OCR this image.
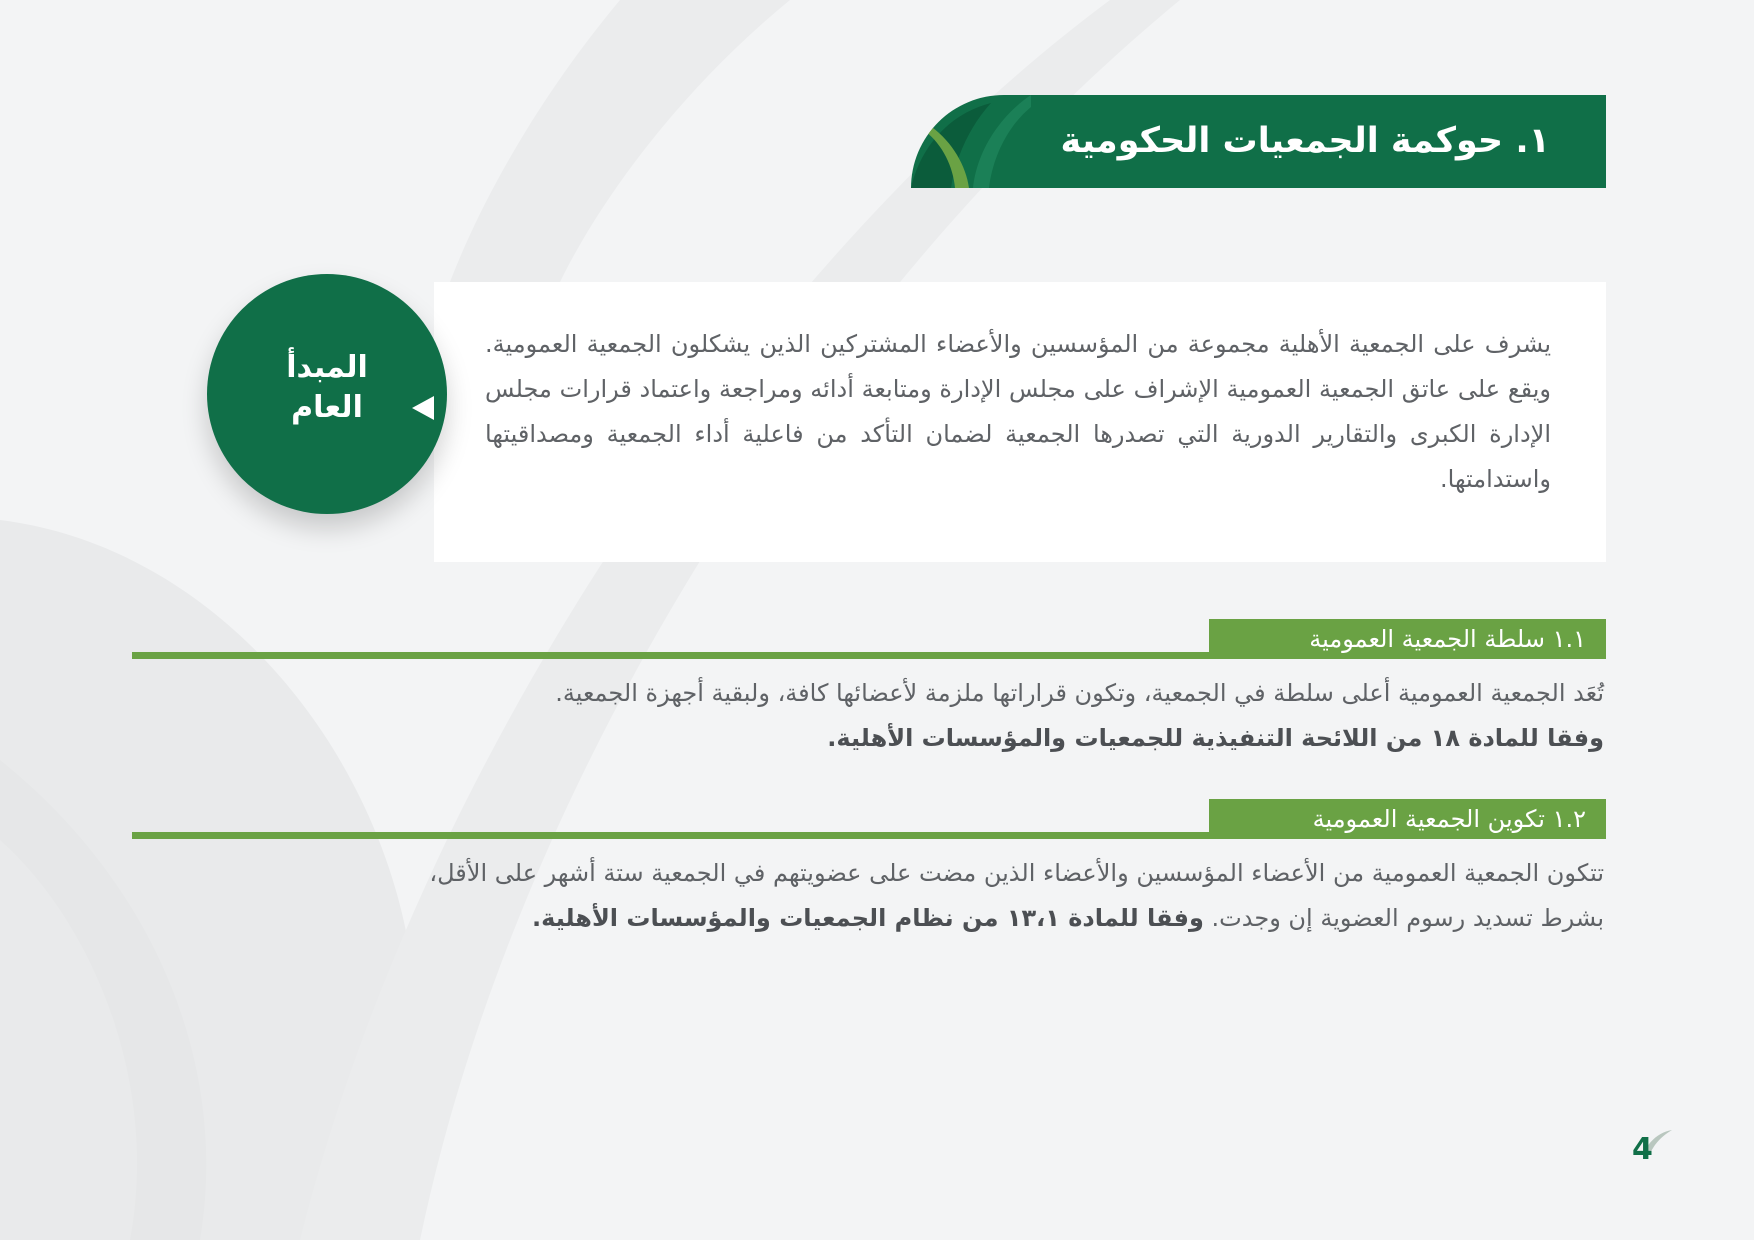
١. حوكمة الجمعيات الحكومية

يشرف على الجمعية الأهلية مجموعة من المؤسسين والأعضاء المشتركين الذين يشكلون الجمعية العمومية. ويقع على عاتق الجمعية العمومية الإشراف على مجلس الإدارة ومتابعة أدائه ومراجعة واعتماد قرارات مجلس الإدارة الكبرى والتقارير الدورية التي تصدرها الجمعية لضمان التأكد من فاعلية أداء الجمعية ومصداقيتها واستدامتها.

المبدأ
العام
١.١ سلطة الجمعية العمومية
تُعَد الجمعية العمومية أعلى سلطة في الجمعية، وتكون قراراتها ملزمة لأعضائها كافة، ولبقية أجهزة الجمعية.
وفقا للمادة ١٨ من اللائحة التنفيذية للجمعيات والمؤسسات الأهلية.
١.٢ تكوين الجمعية العمومية
تتكون الجمعية العمومية من الأعضاء المؤسسين والأعضاء الذين مضت على عضويتهم في الجمعية ستة أشهر على الأقل،
بشرط تسديد رسوم العضوية إن وجدت. وفقا للمادة ١٣،١ من نظام الجمعيات والمؤسسات الأهلية.
4
